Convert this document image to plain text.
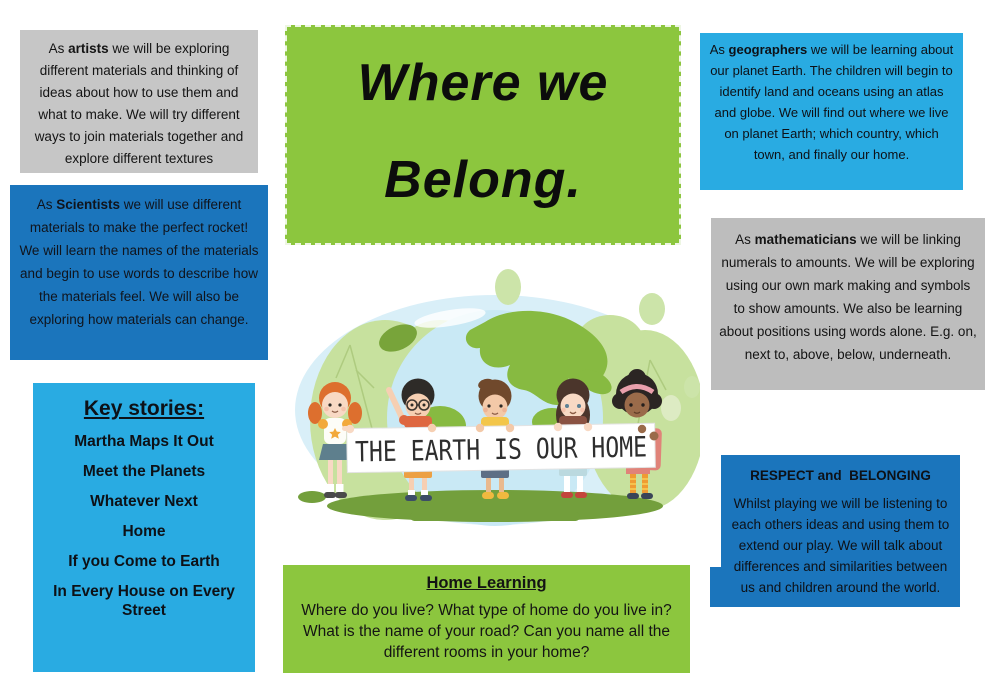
As artists we will be exploring different materials and thinking of ideas about how to use them and what to make. We will try different ways to join materials together and explore different textures

As Scientists we will use different materials to make the perfect rocket! We will learn the names of the materials and begin to use words to describe how the materials feel. We will also be exploring how materials can change.

Key stories:
Martha Maps It Out
Meet the Planets
Whatever Next
Home
If you Come to Earth
In Every House on Every Street
Where we
Belong.
THE EARTH IS OUR HOME
Home Learning

Where do you live? What type of home do you live in? What is the name of your road? Can you name all the different rooms in your home?

As geographers we will be learning about our planet Earth. The children will begin to identify land and oceans using an atlas and globe. We will find out where we live on planet Earth; which country, which town, and finally our home.

As mathematicians we will be linking numerals to amounts. We will be exploring using our own mark making and symbols to show amounts. We also be learning about positions using words alone. E.g. on, next to, above, below, underneath.

RESPECT and  BELONGING

Whilst playing we will be listening to each others ideas and using them to extend our play. We will talk about differences and similarities between us and children around the world.
